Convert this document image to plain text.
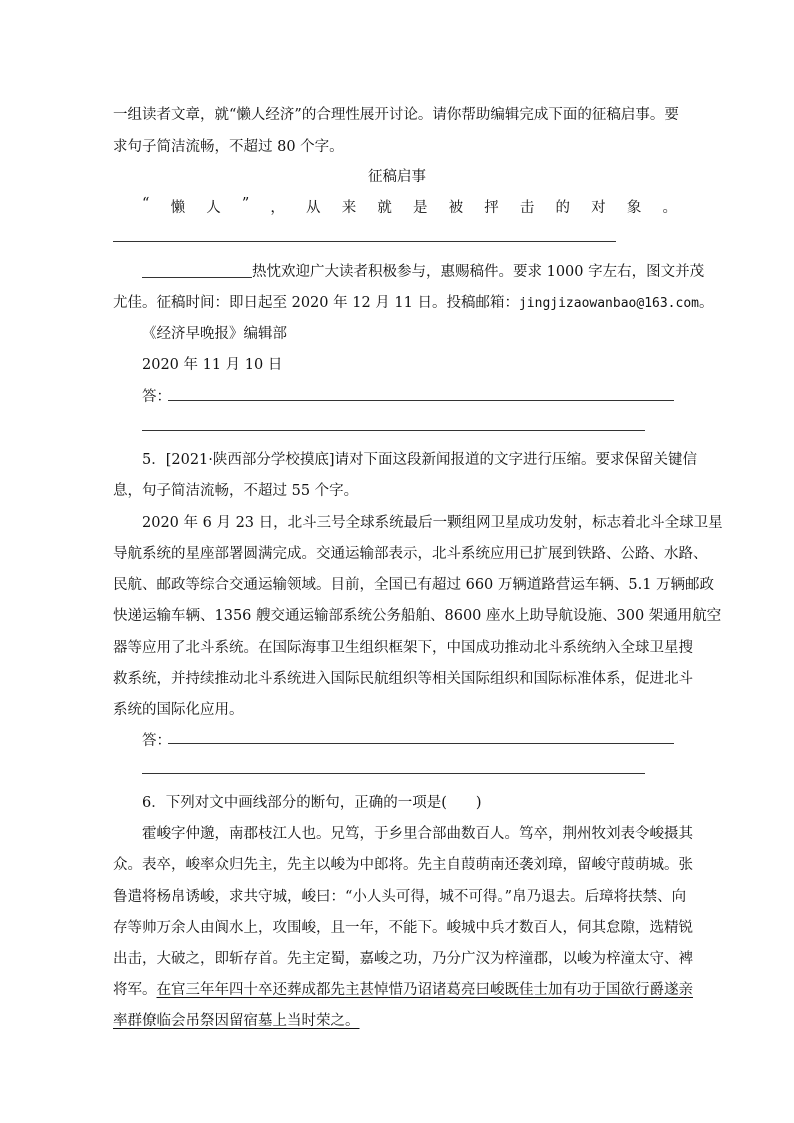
一组读者文章，就“懒人经济”的合理性展开讨论。请你帮助编辑完成下面的征稿启事。要
求句子简洁流畅，不超过 80 个字。
征稿启事
“ 懒 人 ” ， 从 来 就 是 被 抨 击 的 对 象 。
热忱欢迎广大读者积极参与，惠赐稿件。要求 1000 字左右，图文并茂
尤佳。征稿时间：即日起至 2020 年 12 月 11 日。投稿邮箱：jingjizaowanbao@163.com。
《经济早晚报》编辑部
2020 年 11 月 10 日
答：
5．[2021·陕西部分学校摸底]请对下面这段新闻报道的文字进行压缩。要求保留关键信
息，句子简洁流畅，不超过 55 个字。
2020 年 6 月 23 日，北斗三号全球系统最后一颗组网卫星成功发射，标志着北斗全球卫星
导航系统的星座部署圆满完成。交通运输部表示，北斗系统应用已扩展到铁路、公路、水路、
民航、邮政等综合交通运输领域。目前，全国已有超过 660 万辆道路营运车辆、5.1 万辆邮政
快递运输车辆、1356 艘交通运输部系统公务船舶、8600 座水上助导航设施、300 架通用航空
器等应用了北斗系统。在国际海事卫生组织框架下，中国成功推动北斗系统纳入全球卫星搜
救系统，并持续推动北斗系统进入国际民航组织等相关国际组织和国际标准体系，促进北斗
系统的国际化应用。
答：
6．下列对文中画线部分的断句，正确的一项是(　　)
霍峻字仲邈，南郡枝江人也。兄笃，于乡里合部曲数百人。笃卒，荆州牧刘表令峻摄其
众。表卒，峻率众归先主，先主以峻为中郎将。先主自葭萌南还袭刘璋，留峻守葭萌城。张
鲁遣将杨帛诱峻，求共守城，峻曰：“小人头可得，城不可得。”帛乃退去。后璋将扶禁、向
存等帅万余人由阆水上，攻围峻，且一年，不能下。峻城中兵才数百人，伺其怠隙，选精锐
出击，大破之，即斩存首。先主定蜀，嘉峻之功，乃分广汉为梓潼郡，以峻为梓潼太守、裨
将军。在官三年年四十卒还葬成都先主甚悼惜乃诏诸葛亮曰峻既佳士加有功于国欲行爵遂亲
率群僚临会吊祭因留宿墓上当时荣之。
